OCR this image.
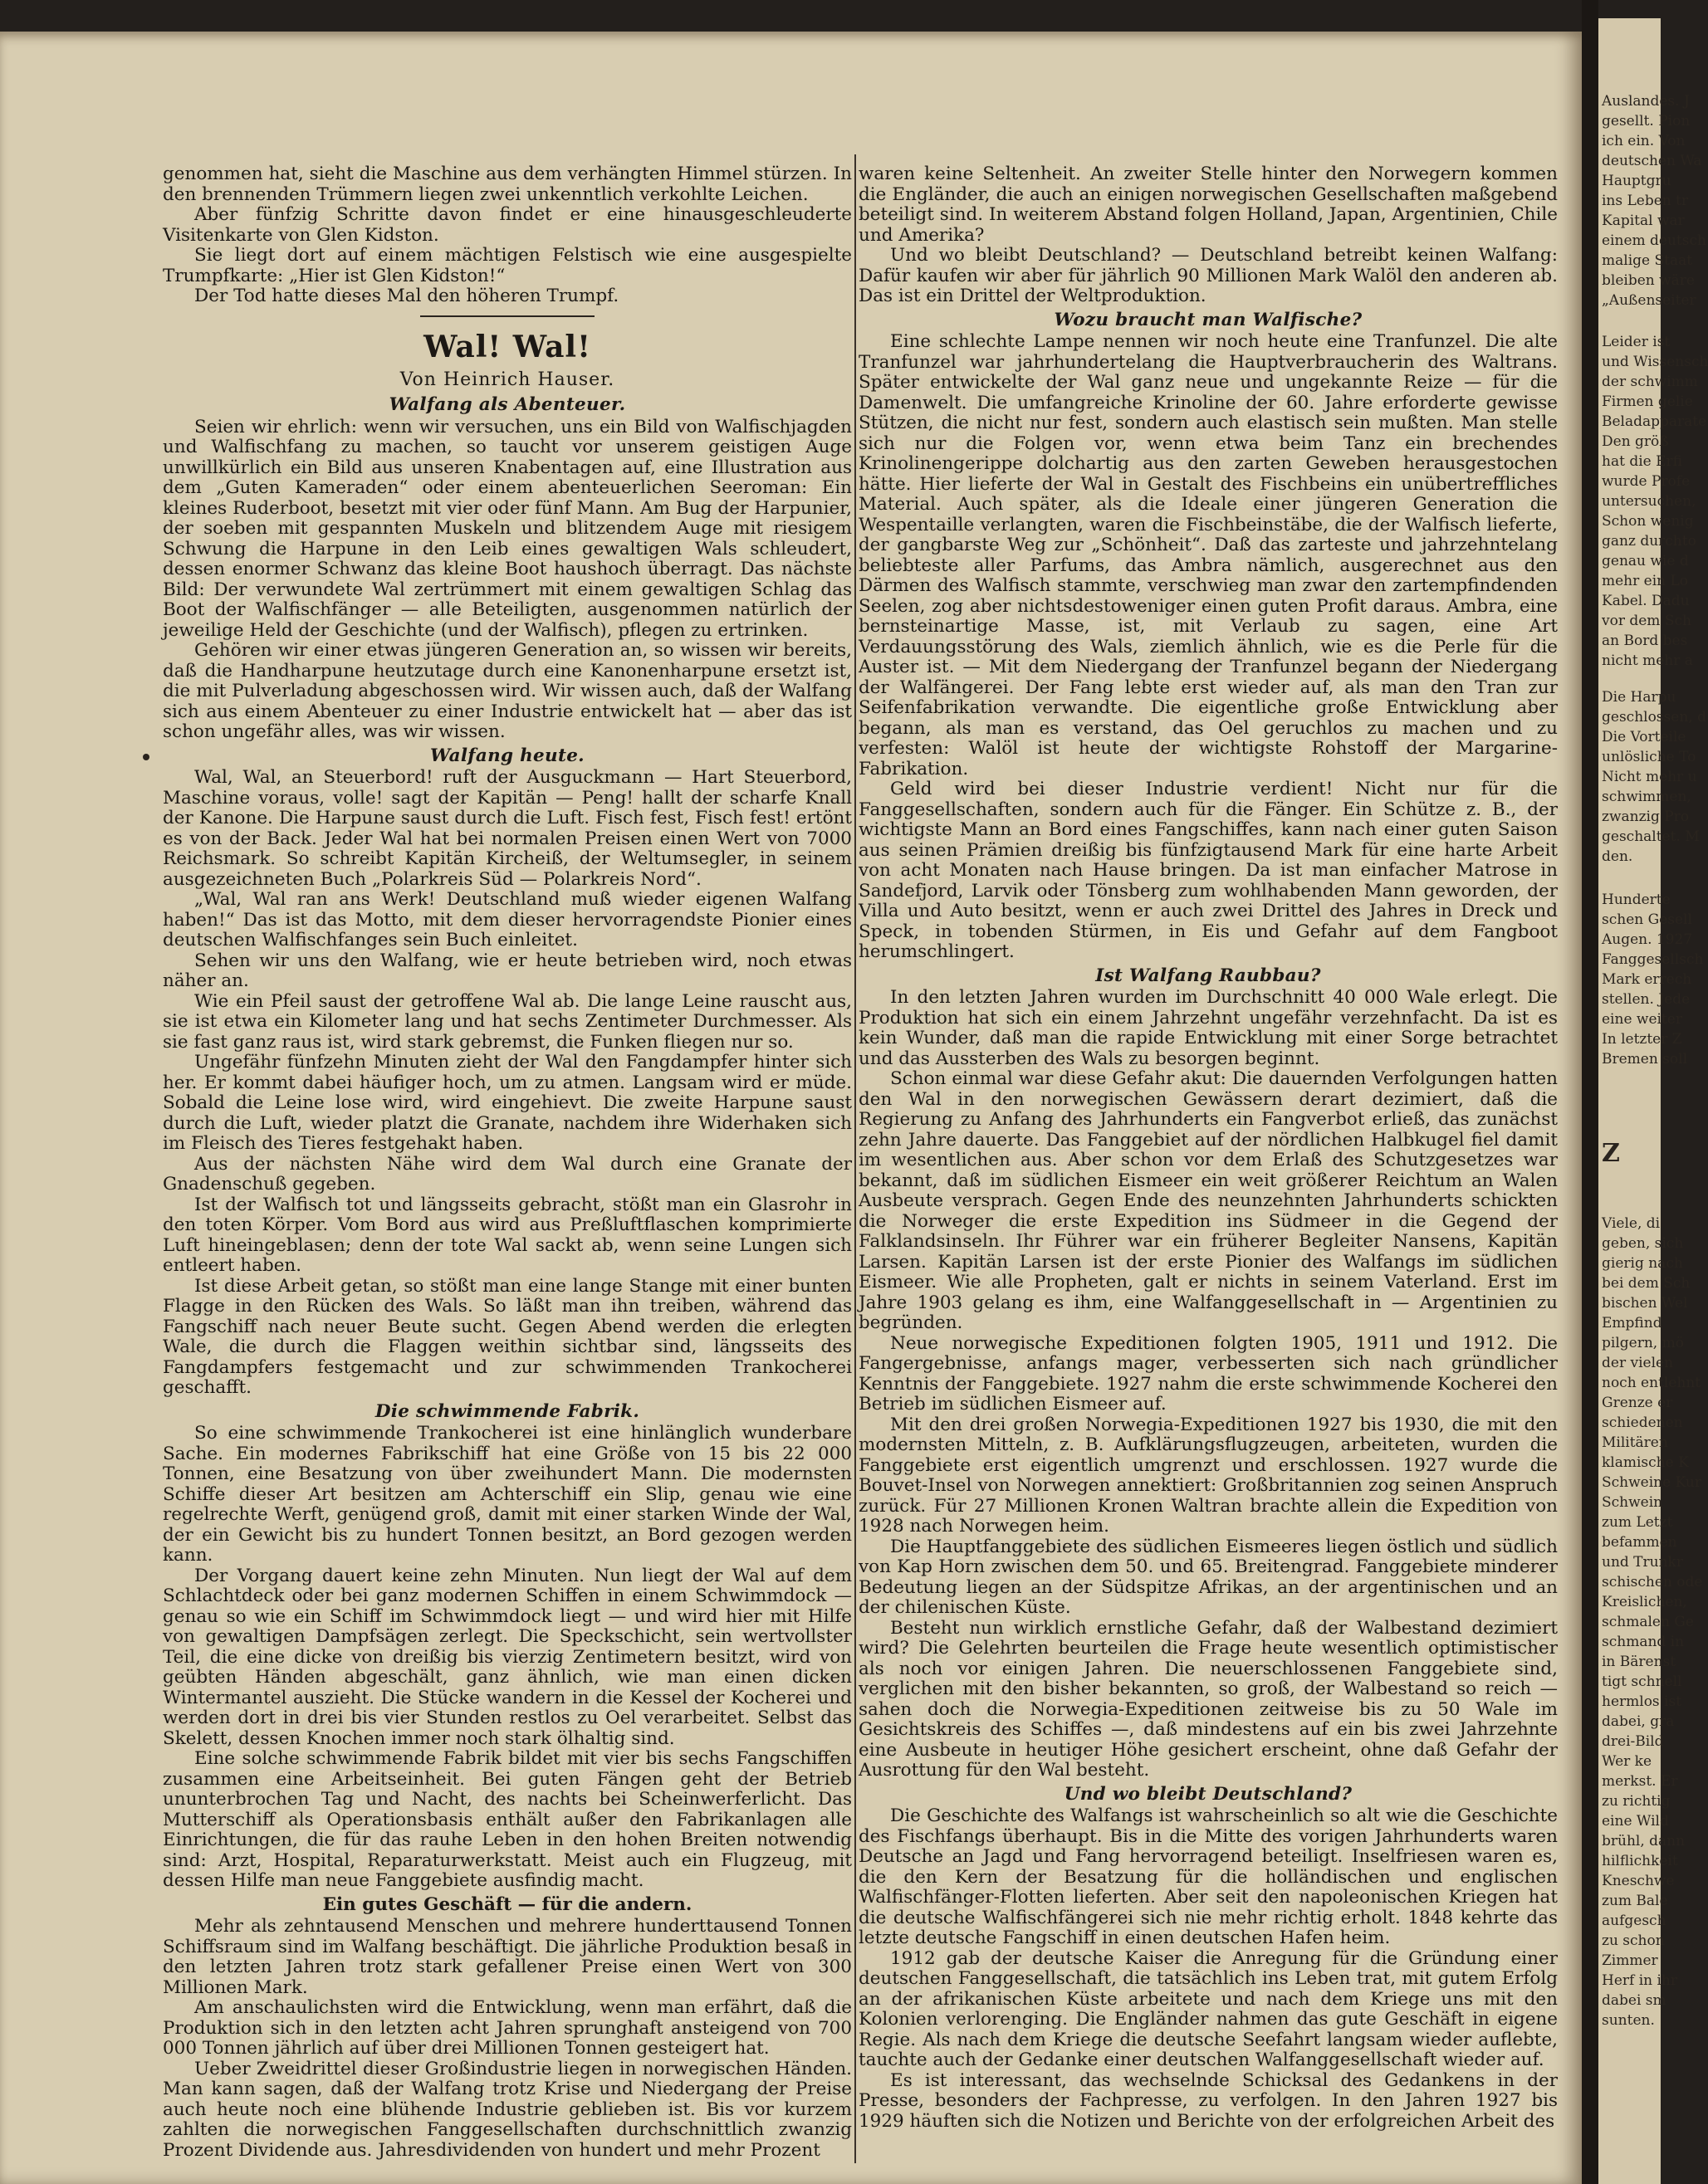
genommen hat, sieht die Maschine aus dem verhängten Himmel stürzen. In den brennenden Trümmern liegen zwei unkenntlich verkohlte Leichen.

Aber fünfzig Schritte davon findet er eine hinausgeschleuderte Visitenkarte von Glen Kidston.

Sie liegt dort auf einem mächtigen Felstisch wie eine ausgespielte Trumpfkarte: „Hier ist Glen Kidston!“

Der Tod hatte dieses Mal den höheren Trumpf.

Wal! Wal!
Von Heinrich Hauser.
Walfang als Abenteuer.

Seien wir ehrlich: wenn wir versuchen, uns ein Bild von Walfischjagden und Walfischfang zu machen, so taucht vor unserem geistigen Auge unwillkürlich ein Bild aus unseren Knabentagen auf, eine Illustration aus dem „Guten Kameraden“ oder einem abenteuerlichen Seeroman: Ein kleines Ruderboot, besetzt mit vier oder fünf Mann. Am Bug der Harpunier, der soeben mit gespannten Muskeln und blitzendem Auge mit riesigem Schwung die Harpune in den Leib eines gewaltigen Wals schleudert, dessen enormer Schwanz das kleine Boot haushoch überragt. Das nächste Bild: Der verwundete Wal zertrümmert mit einem gewaltigen Schlag das Boot der Walfischfänger — alle Beteiligten, ausgenommen natürlich der jeweilige Held der Geschichte (und der Walfisch), pflegen zu ertrinken.

Gehören wir einer etwas jüngeren Generation an, so wissen wir bereits, daß die Handharpune heutzutage durch eine Kanonenharpune ersetzt ist, die mit Pulverladung abgeschossen wird. Wir wissen auch, daß der Walfang sich aus einem Abenteuer zu einer Industrie entwickelt hat — aber das ist schon ungefähr alles, was wir wissen.

Walfang heute.

Wal, Wal, an Steuerbord! ruft der Ausguckmann — Hart Steuerbord, Maschine voraus, volle! sagt der Kapitän — Peng! hallt der scharfe Knall der Kanone. Die Harpune saust durch die Luft. Fisch fest, Fisch fest! ertönt es von der Back. Jeder Wal hat bei normalen Preisen einen Wert von 7000 Reichsmark. So schreibt Kapitän Kircheiß, der Weltumsegler, in seinem ausgezeichneten Buch „Polarkreis Süd — Polarkreis Nord“.

„Wal, Wal ran ans Werk! Deutschland muß wieder eigenen Walfang haben!“ Das ist das Motto, mit dem dieser hervorragendste Pionier eines deutschen Walfischfanges sein Buch einleitet.

Sehen wir uns den Walfang, wie er heute betrieben wird, noch etwas näher an.

Wie ein Pfeil saust der getroffene Wal ab. Die lange Leine rauscht aus, sie ist etwa ein Kilometer lang und hat sechs Zentimeter Durchmesser. Als sie fast ganz raus ist, wird stark gebremst, die Funken fliegen nur so.

Ungefähr fünfzehn Minuten zieht der Wal den Fangdampfer hinter sich her. Er kommt dabei häufiger hoch, um zu atmen. Langsam wird er müde. Sobald die Leine lose wird, wird eingehievt. Die zweite Harpune saust durch die Luft, wieder platzt die Granate, nachdem ihre Widerhaken sich im Fleisch des Tieres festgehakt haben.

Aus der nächsten Nähe wird dem Wal durch eine Granate der Gnadenschuß gegeben.

Ist der Walfisch tot und längsseits gebracht, stößt man ein Glasrohr in den toten Körper. Vom Bord aus wird aus Preßluftflaschen komprimierte Luft hineingeblasen; denn der tote Wal sackt ab, wenn seine Lungen sich entleert haben.

Ist diese Arbeit getan, so stößt man eine lange Stange mit einer bunten Flagge in den Rücken des Wals. So läßt man ihn treiben, während das Fangschiff nach neuer Beute sucht. Gegen Abend werden die erlegten Wale, die durch die Flaggen weithin sichtbar sind, längsseits des Fangdampfers festgemacht und zur schwimmenden Trankocherei geschafft.

Die schwimmende Fabrik.

So eine schwimmende Trankocherei ist eine hinlänglich wunderbare Sache. Ein modernes Fabrikschiff hat eine Größe von 15 bis 22 000 Tonnen, eine Besatzung von über zweihundert Mann. Die modernsten Schiffe dieser Art besitzen am Achterschiff ein Slip, genau wie eine regelrechte Werft, genügend groß, damit mit einer starken Winde der Wal, der ein Gewicht bis zu hundert Tonnen besitzt, an Bord gezogen werden kann.

Der Vorgang dauert keine zehn Minuten. Nun liegt der Wal auf dem Schlachtdeck oder bei ganz modernen Schiffen in einem Schwimmdock — genau so wie ein Schiff im Schwimmdock liegt — und wird hier mit Hilfe von gewaltigen Dampfsägen zerlegt. Die Speckschicht, sein wertvollster Teil, die eine dicke von dreißig bis vierzig Zentimetern besitzt, wird von geübten Händen abgeschält, ganz ähnlich, wie man einen dicken Wintermantel auszieht. Die Stücke wandern in die Kessel der Kocherei und werden dort in drei bis vier Stunden restlos zu Oel verarbeitet. Selbst das Skelett, dessen Knochen immer noch stark ölhaltig sind.

Eine solche schwimmende Fabrik bildet mit vier bis sechs Fangschiffen zusammen eine Arbeitseinheit. Bei guten Fängen geht der Betrieb ununterbrochen Tag und Nacht, des nachts bei Scheinwerferlicht. Das Mutterschiff als Operationsbasis enthält außer den Fabrikanlagen alle Einrichtungen, die für das rauhe Leben in den hohen Breiten notwendig sind: Arzt, Hospital, Reparaturwerkstatt. Meist auch ein Flugzeug, mit dessen Hilfe man neue Fanggebiete ausfindig macht.

Ein gutes Geschäft — für die andern.

Mehr als zehntausend Menschen und mehrere hunderttausend Tonnen Schiffsraum sind im Walfang beschäftigt. Die jährliche Produktion besaß in den letzten Jahren trotz stark gefallener Preise einen Wert von 300 Millionen Mark.

Am anschaulichsten wird die Entwicklung, wenn man erfährt, daß die Produktion sich in den letzten acht Jahren sprunghaft ansteigend von 700 000 Tonnen jährlich auf über drei Millionen Tonnen gesteigert hat.

Ueber Zweidrittel dieser Großindustrie liegen in norwegischen Händen. Man kann sagen, daß der Walfang trotz Krise und Niedergang der Preise auch heute noch eine blühende Industrie geblieben ist. Bis vor kurzem zahlten die norwegischen Fanggesellschaften durchschnittlich zwanzig Prozent Dividende aus. Jahresdividenden von hundert und mehr Prozent

waren keine Seltenheit. An zweiter Stelle hinter den Norwegern kommen die Engländer, die auch an einigen norwegischen Gesellschaften maßgebend beteiligt sind. In weiterem Abstand folgen Holland, Japan, Argentinien, Chile und Amerika?

Und wo bleibt Deutschland? — Deutschland betreibt keinen Walfang: Dafür kaufen wir aber für jährlich 90 Millionen Mark Walöl den anderen ab. Das ist ein Drittel der Weltproduktion.

Wozu braucht man Walfische?

Eine schlechte Lampe nennen wir noch heute eine Tranfunzel. Die alte Tranfunzel war jahrhundertelang die Hauptverbraucherin des Waltrans. Später entwickelte der Wal ganz neue und ungekannte Reize — für die Damenwelt. Die umfangreiche Krinoline der 60. Jahre erforderte gewisse Stützen, die nicht nur fest, sondern auch elastisch sein mußten. Man stelle sich nur die Folgen vor, wenn etwa beim Tanz ein brechendes Krinolinengerippe dolchartig aus den zarten Geweben herausgestochen hätte. Hier lieferte der Wal in Gestalt des Fischbeins ein unübertreffliches Material. Auch später, als die Ideale einer jüngeren Generation die Wespentaille verlangten, waren die Fischbeinstäbe, die der Walfisch lieferte, der gangbarste Weg zur „Schönheit“. Daß das zarteste und jahrzehntelang beliebteste aller Parfums, das Ambra nämlich, ausgerechnet aus den Därmen des Walfisch stammte, verschwieg man zwar den zartempfindenden Seelen, zog aber nichtsdestoweniger einen guten Profit daraus. Ambra, eine bernsteinartige Masse, ist, mit Verlaub zu sagen, eine Art Verdauungsstörung des Wals, ziemlich ähnlich, wie es die Perle für die Auster ist. — Mit dem Niedergang der Tranfunzel begann der Niedergang der Walfängerei. Der Fang lebte erst wieder auf, als man den Tran zur Seifenfabrikation verwandte. Die eigentliche große Entwicklung aber begann, als man es verstand, das Oel geruchlos zu machen und zu verfesten: Walöl ist heute der wichtigste Rohstoff der Margarine-Fabrikation.

Geld wird bei dieser Industrie verdient! Nicht nur für die Fanggesellschaften, sondern auch für die Fänger. Ein Schütze z. B., der wichtigste Mann an Bord eines Fangschiffes, kann nach einer guten Saison aus seinen Prämien dreißig bis fünfzigtausend Mark für eine harte Arbeit von acht Monaten nach Hause bringen. Da ist man einfacher Matrose in Sandefjord, Larvik oder Tönsberg zum wohlhabenden Mann geworden, der Villa und Auto besitzt, wenn er auch zwei Drittel des Jahres in Dreck und Speck, in tobenden Stürmen, in Eis und Gefahr auf dem Fangboot herumschlingert.

Ist Walfang Raubbau?

In den letzten Jahren wurden im Durchschnitt 40 000 Wale erlegt. Die Produktion hat sich ein einem Jahrzehnt ungefähr verzehnfacht. Da ist es kein Wunder, daß man die rapide Entwicklung mit einer Sorge betrachtet und das Aussterben des Wals zu besorgen beginnt.

Schon einmal war diese Gefahr akut: Die dauernden Verfolgungen hatten den Wal in den norwegischen Gewässern derart dezimiert, daß die Regierung zu Anfang des Jahrhunderts ein Fangverbot erließ, das zunächst zehn Jahre dauerte. Das Fanggebiet auf der nördlichen Halbkugel fiel damit im wesentlichen aus. Aber schon vor dem Erlaß des Schutzgesetzes war bekannt, daß im südlichen Eismeer ein weit größerer Reichtum an Walen Ausbeute versprach. Gegen Ende des neunzehnten Jahrhunderts schickten die Norweger die erste Expedition ins Südmeer in die Gegend der Falklandsinseln. Ihr Führer war ein früherer Begleiter Nansens, Kapitän Larsen. Kapitän Larsen ist der erste Pionier des Walfangs im südlichen Eismeer. Wie alle Propheten, galt er nichts in seinem Vaterland. Erst im Jahre 1903 gelang es ihm, eine Walfanggesellschaft in — Argentinien zu begründen.

Neue norwegische Expeditionen folgten 1905, 1911 und 1912. Die Fangergebnisse, anfangs mager, verbesserten sich nach gründlicher Kenntnis der Fanggebiete. 1927 nahm die erste schwimmende Kocherei den Betrieb im südlichen Eismeer auf.

Mit den drei großen Norwegia-Expeditionen 1927 bis 1930, die mit den modernsten Mitteln, z. B. Aufklärungsflugzeugen, arbeiteten, wurden die Fanggebiete erst eigentlich umgrenzt und erschlossen. 1927 wurde die Bouvet-Insel von Norwegen annektiert: Großbritannien zog seinen Anspruch zurück. Für 27 Millionen Kronen Waltran brachte allein die Expedition von 1928 nach Norwegen heim.

Die Hauptfanggebiete des südlichen Eismeeres liegen östlich und südlich von Kap Horn zwischen dem 50. und 65. Breitengrad. Fanggebiete minderer Bedeutung liegen an der Südspitze Afrikas, an der argentinischen und an der chilenischen Küste.

Besteht nun wirklich ernstliche Gefahr, daß der Walbestand dezimiert wird? Die Gelehrten beurteilen die Frage heute wesentlich optimistischer als noch vor einigen Jahren. Die neuerschlossenen Fanggebiete sind, verglichen mit den bisher bekannten, so groß, der Walbestand so reich — sahen doch die Norwegia-Expeditionen zeitweise bis zu 50 Wale im Gesichtskreis des Schiffes —, daß mindestens auf ein bis zwei Jahrzehnte eine Ausbeute in heutiger Höhe gesichert erscheint, ohne daß Gefahr der Ausrottung für den Wal besteht.

Und wo bleibt Deutschland?

Die Geschichte des Walfangs ist wahrscheinlich so alt wie die Geschichte des Fischfangs überhaupt. Bis in die Mitte des vorigen Jahrhunderts waren Deutsche an Jagd und Fang hervorragend beteiligt. Inselfriesen waren es, die den Kern der Besatzung für die holländischen und englischen Walfischfänger-Flotten lieferten. Aber seit den napoleonischen Kriegen hat die deutsche Walfischfängerei sich nie mehr richtig erholt. 1848 kehrte das letzte deutsche Fangschiff in einen deutschen Hafen heim.

1912 gab der deutsche Kaiser die Anregung für die Gründung einer deutschen Fanggesellschaft, die tatsächlich ins Leben trat, mit gutem Erfolg an der afrikanischen Küste arbeitete und nach dem Kriege uns mit den Kolonien verlorenging. Die Engländer nahmen das gute Geschäft in eigene Regie. Als nach dem Kriege die deutsche Seefahrt langsam wieder auflebte, tauchte auch der Gedanke einer deutschen Walfanggesellschaft wieder auf.

Es ist interessant, das wechselnde Schicksal des Gedankens in der Presse, besonders der Fachpresse, zu verfolgen. In den Jahren 1927 bis 1929 häuften sich die Notizen und Berichte von der erfolgreichen Arbeit des

Auslandes. J
gesellt. Pion
ich ein. Von
deutschen Wa
Hauptgru
ins Leben tr
Kapital war
einem deutsch
malige Staat
bleiben wäre
„Außenseiter
Leider ist
und Wissensch
der schwimm
Firmen gelie
Beladapparate
Den größ
hat die Erfi
wurde Profe
untersuchen,
Schon wenig
ganz durchto
genau wie d
mehr ein Lo
Kabel. Dadu
vor dem Sch
an Bord bes
nicht mehr a
Die Harpu
geschlossen, d
Die Vorteile
unlösliche To
Nicht mehr u
schwimmen,
zwanzig Pro
geschaltet. M
den.
Hunderte
schen Gesell
Augen. 1927
Fanggesellsch
Mark errech
stellen. Jede
eine weiter
In letzter Z
Bremen soll
Z
Viele, di
geben, sich
gierig nach
bei dem Sch
bischen Wel
Empfind
pilgern, mö
der vielen
noch entlehnt
Grenze er
schiedenen
Militären
klamische K
Schweine Kur
Schwein
zum Letzt
befammen
und Trunkr
schischen ode
Kreislichen,
schmalen Ge
schmand in
in Bärenst
tigt schnell
hermlos ist
dabei, gra
drei-Bild
Wer ke
merkst. Er
zu richtig
eine Wild
brühl, dann
hilflichkeit
Kneschwe
zum Bale
aufgesch
zu schon
Zimmer
Herf in ihr
dabei sm
sunten.
